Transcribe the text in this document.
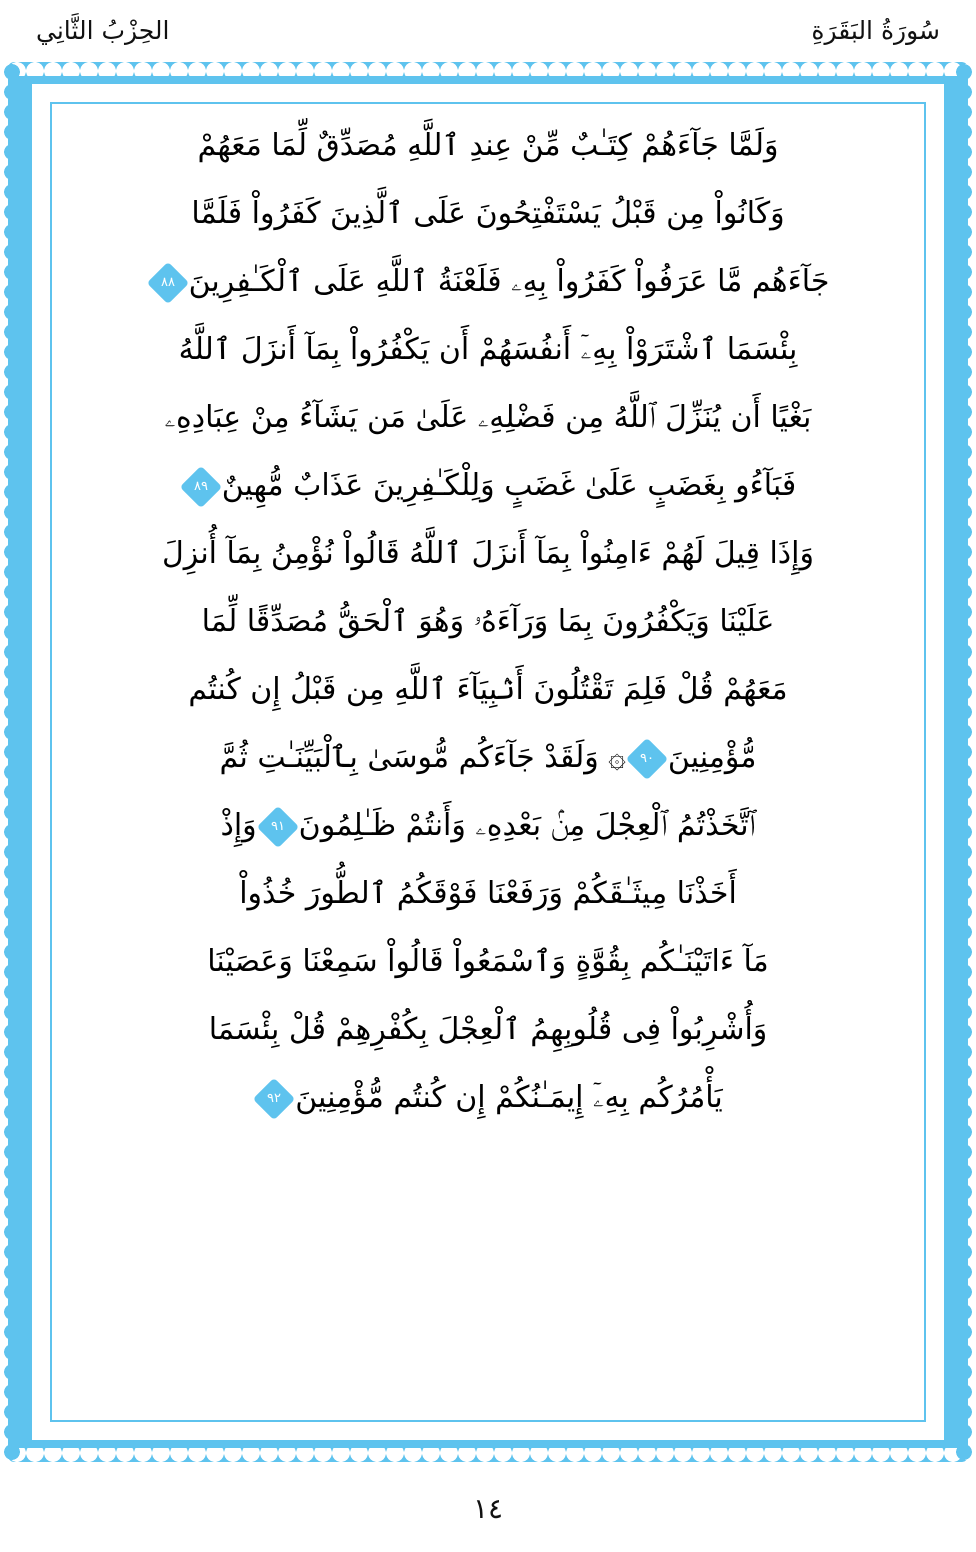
سُورَةُ البَقَرَةِ
الحِزْبُ الثَّانِي
وَلَمَّا جَآءَهُمْ كِتَـٰبٌ مِّنْ عِندِ ٱللَّهِ مُصَدِّقٌ لِّمَا مَعَهُمْ
وَكَانُواْ مِن قَبْلُ يَسْتَفْتِحُونَ عَلَى ٱلَّذِينَ كَفَرُواْ فَلَمَّا
جَآءَهُم مَّا عَرَفُواْ كَفَرُواْ بِهِۦ فَلَعْنَةُ ٱللَّهِ عَلَى ٱلْكَـٰفِرِينَ٨٨
بِئْسَمَا ٱشْتَرَوْاْ بِهِۦٓ أَنفُسَهُمْ أَن يَكْفُرُواْ بِمَآ أَنزَلَ ٱللَّهُ
بَغْيًا أَن يُنَزِّلَ ٱللَّهُ مِن فَضْلِهِۦ عَلَىٰ مَن يَشَآءُ مِنْ عِبَادِهِۦ
فَبَآءُو بِغَضَبٍ عَلَىٰ غَضَبٍ وَلِلْكَـٰفِرِينَ عَذَابٌ مُّهِينٌ٨٩
وَإِذَا قِيلَ لَهُمْ ءَامِنُواْ بِمَآ أَنزَلَ ٱللَّهُ قَالُواْ نُؤْمِنُ بِمَآ أُنزِلَ
عَلَيْنَا وَيَكْفُرُونَ بِمَا وَرَآءَهُۥ وَهُوَ ٱلْحَقُّ مُصَدِّقًا لِّمَا
مَعَهُمْ قُلْ فَلِمَ تَقْتُلُونَ أَنۢبِيَآءَ ٱللَّهِ مِن قَبْلُ إِن كُنتُم
مُّؤْمِنِينَ٩٠۞ وَلَقَدْ جَآءَكُم مُّوسَىٰ بِٱلْبَيِّنَـٰتِ ثُمَّ
ٱتَّخَذْتُمُ ٱلْعِجْلَ مِنۢ بَعْدِهِۦ وَأَنتُمْ ظَـٰلِمُونَ٩١وَإِذْ
أَخَذْنَا مِيثَـٰقَكُمْ وَرَفَعْنَا فَوْقَكُمُ ٱلطُّورَ خُذُواْ
مَآ ءَاتَيْنَـٰكُم بِقُوَّةٍ وَٱسْمَعُواْ قَالُواْ سَمِعْنَا وَعَصَيْنَا
وَأُشْرِبُواْ فِى قُلُوبِهِمُ ٱلْعِجْلَ بِكُفْرِهِمْ قُلْ بِئْسَمَا
يَأْمُرُكُم بِهِۦٓ إِيمَـٰنُكُمْ إِن كُنتُم مُّؤْمِنِينَ٩٢
١٤
